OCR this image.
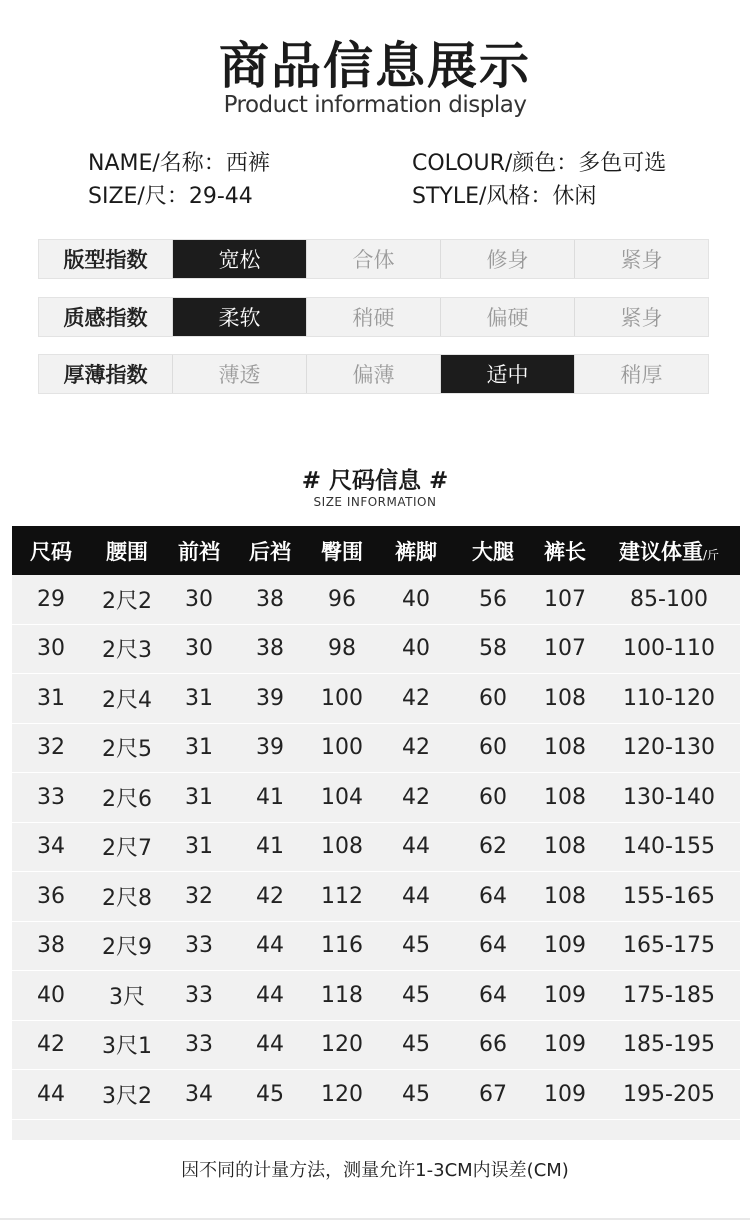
商品信息展示
Product information display
NAME/名称：西裤
SIZE/尺：29-44
COLOUR/颜色：多色可选
STYLE/风格：休闲
版型指数	宽松	合体	修身	紧身
质感指数	柔软	稍硬	偏硬	紧身
厚薄指数	薄透	偏薄	适中	稍厚
# 尺码信息 #
SIZE INFORMATION
尺码	腰围	前裆	后裆	臀围	裤脚	大腿	裤长	建议体重/斤
29	2尺2	30	38	96	40	56	107	85-100
30	2尺3	30	38	98	40	58	107	100-110
31	2尺4	31	39	100	42	60	108	110-120
32	2尺5	31	39	100	42	60	108	120-130
33	2尺6	31	41	104	42	60	108	130-140
34	2尺7	31	41	108	44	62	108	140-155
36	2尺8	32	42	112	44	64	108	155-165
38	2尺9	33	44	116	45	64	109	165-175
40	3尺	33	44	118	45	64	109	175-185
42	3尺1	33	44	120	45	66	109	185-195
44	3尺2	34	45	120	45	67	109	195-205
因不同的计量方法，测量允许1-3CM内误差(CM)
